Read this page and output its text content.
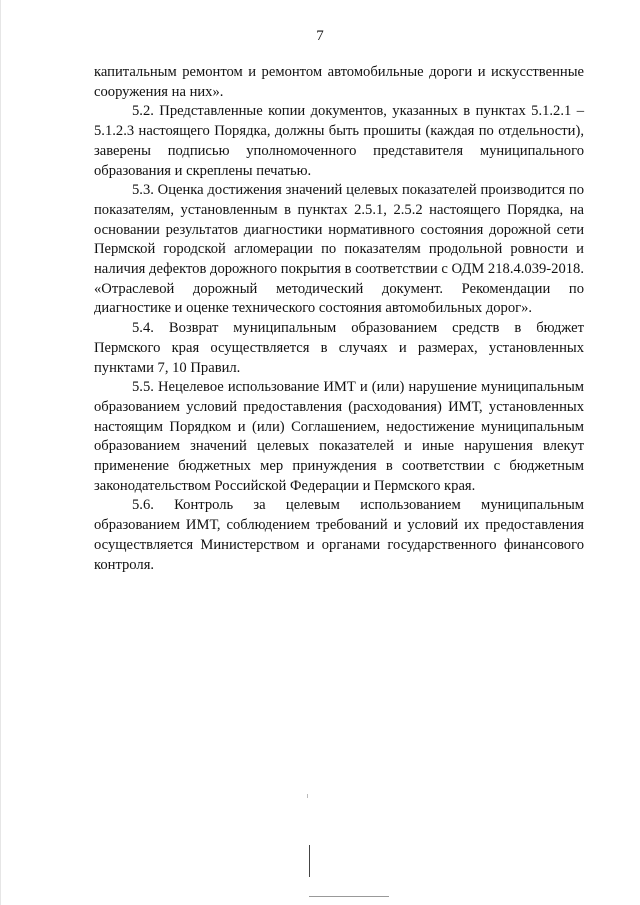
7

капитальным ремонтом и ремонтом автомобильные дороги и искусственные сооружения на них».

5.2. Представленные копии документов, указанных в пунктах 5.1.2.1 – 5.1.2.3 настоящего Порядка, должны быть прошиты (каждая по отдельности), заверены подписью уполномоченного представителя муниципального образования и скреплены печатью.

5.3. Оценка достижения значений целевых показателей производится по показателям, установленным в пунктах 2.5.1, 2.5.2 настоящего Порядка, на основании результатов диагностики нормативного состояния дорожной сети Пермской городской агломерации по показателям продольной ровности и наличия дефектов дорожного покрытия в соответствии с ОДМ 218.4.039-2018. «Отраслевой дорожный методический документ. Рекомендации по диагностике и оценке технического состояния автомобильных дорог».

5.4. Возврат муниципальным образованием средств в бюджет Пермского края осуществляется в случаях и размерах, установленных пунктами 7, 10 Правил.

5.5. Нецелевое использование ИМТ и (или) нарушение муниципальным образованием условий предоставления (расходования) ИМТ, установленных настоящим Порядком и (или) Соглашением, недостижение муниципальным образованием значений целевых показателей и иные нарушения влекут применение бюджетных мер принуждения в соответствии с бюджетным законодательством Российской Федерации и Пермского края.

5.6. Контроль за целевым использованием муниципальным образованием ИМТ, соблюдением требований и условий их предоставления осуществляется Министерством и органами государственного финансового контроля.
